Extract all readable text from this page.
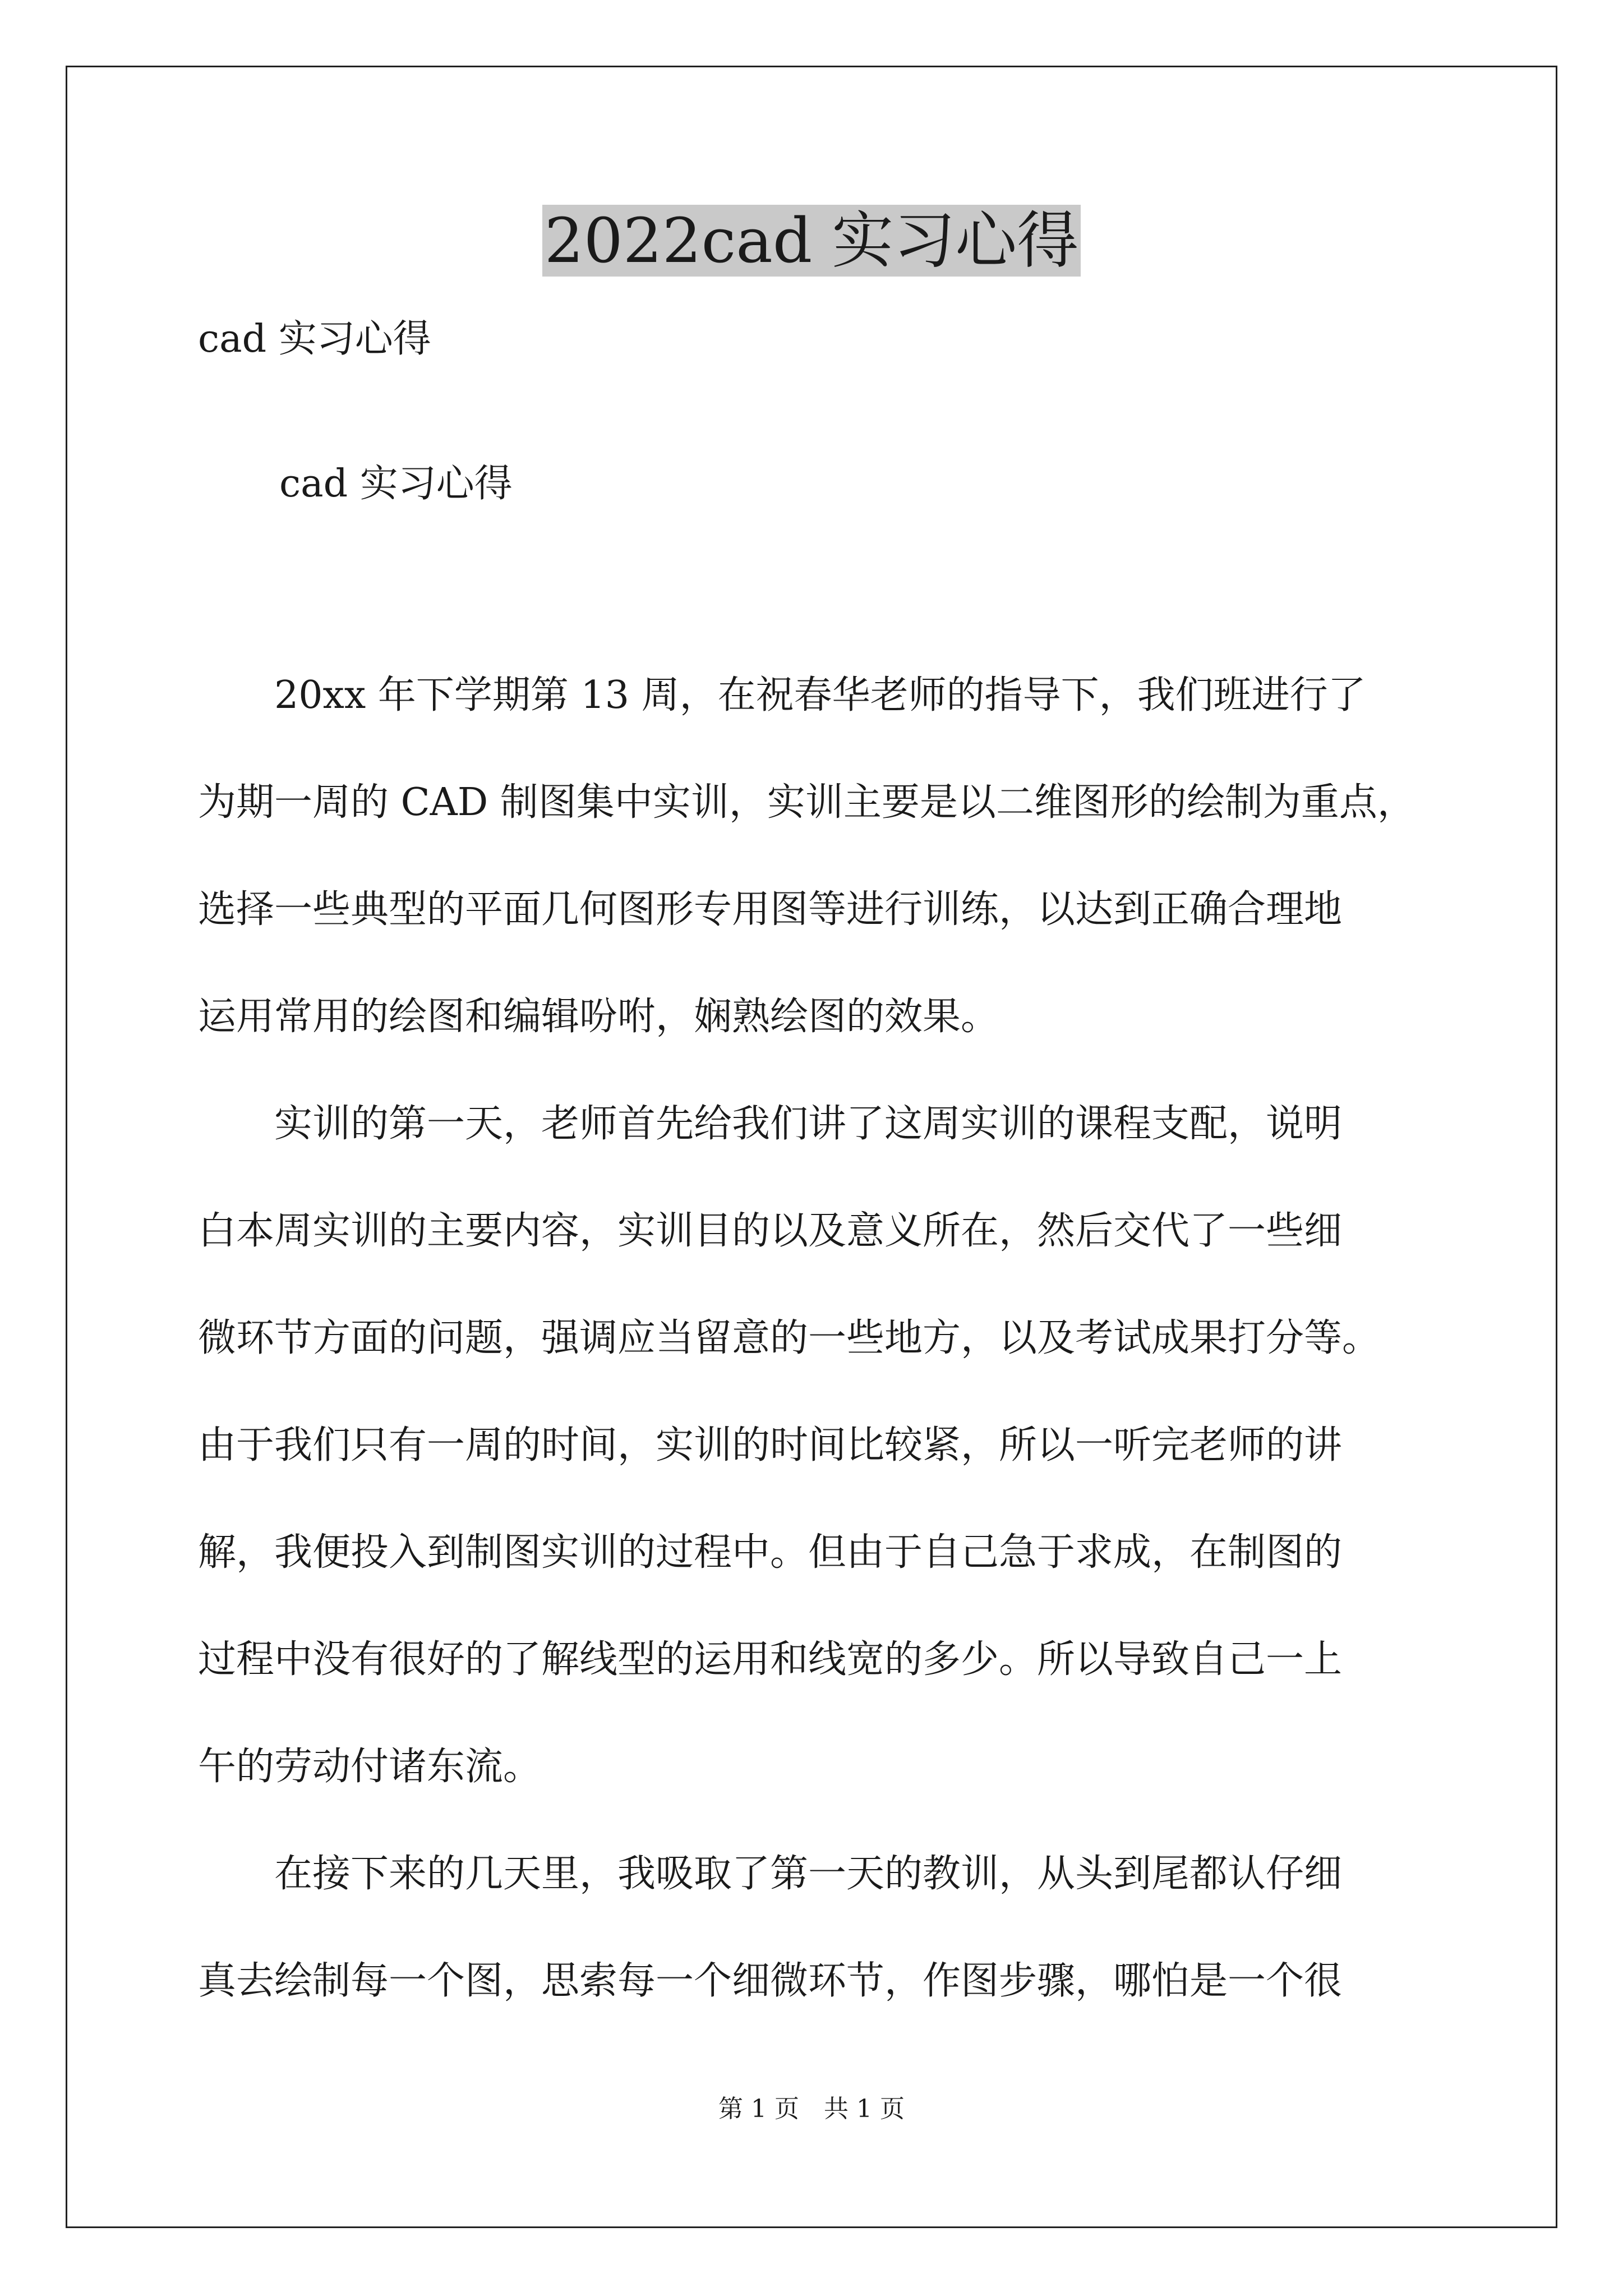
2022cad 实习心得
cad 实习心得
cad 实习心得
　　20xx 年下学期第 13 周，在祝春华老师的指导下，我们班进行了
为期一周的 CAD 制图集中实训，实训主要是以二维图形的绘制为重点，
选择一些典型的平面几何图形专用图等进行训练，以达到正确合理地
运用常用的绘图和编辑吩咐，娴熟绘图的效果。
　　实训的第一天，老师首先给我们讲了这周实训的课程支配，说明
白本周实训的主要内容，实训目的以及意义所在，然后交代了一些细
微环节方面的问题，强调应当留意的一些地方，以及考试成果打分等。
由于我们只有一周的时间，实训的时间比较紧，所以一听完老师的讲
解，我便投入到制图实训的过程中。但由于自己急于求成，在制图的
过程中没有很好的了解线型的运用和线宽的多少。所以导致自己一上
午的劳动付诸东流。
　　在接下来的几天里，我吸取了第一天的教训，从头到尾都认仔细
真去绘制每一个图，思索每一个细微环节，作图步骤，哪怕是一个很
第 1 页　共 1 页
